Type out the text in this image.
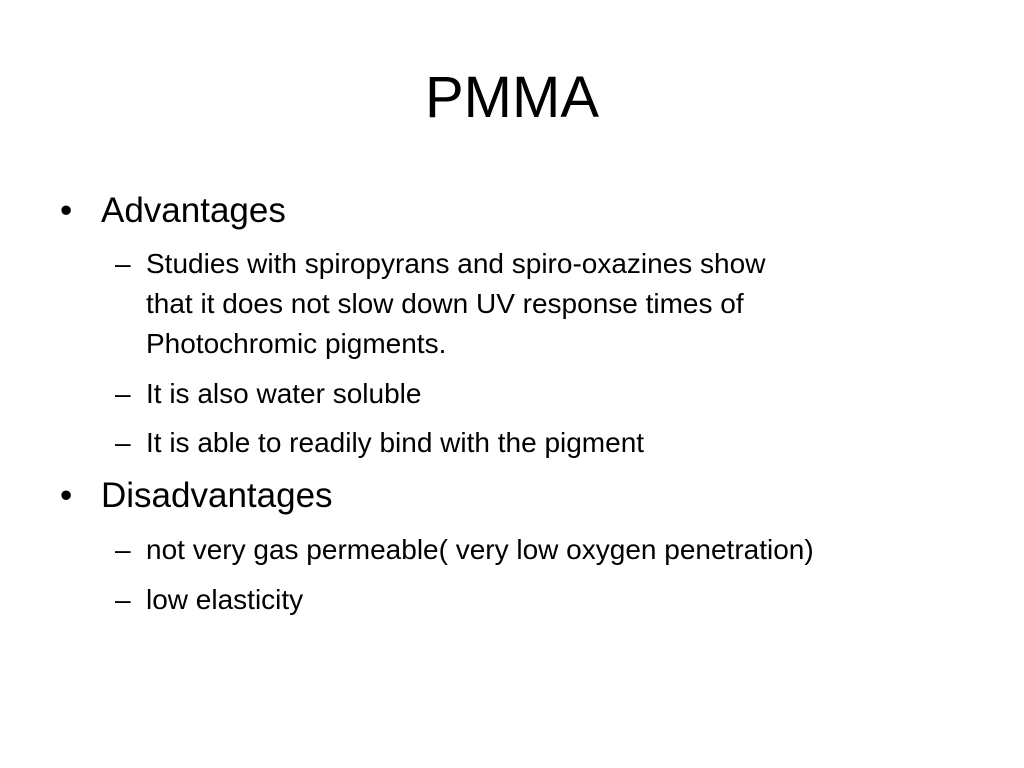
PMMA
• Advantages
– Studies with spiropyrans and spiro-oxazines show
that it does not slow down UV response times of
Photochromic pigments.
– It is also water soluble
– It is able to readily bind with the pigment
• Disadvantages
– not very gas permeable( very low oxygen penetration)
– low elasticity
